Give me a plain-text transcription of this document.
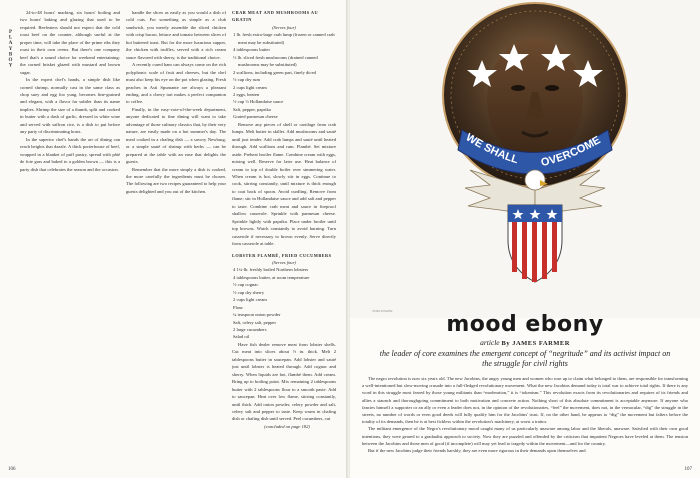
PLAYBOY

24-to-48 hours' marking, six hours' boiling and two hours' baking and glazing that used to be required. Beefeaters should not expect that the cold roast beef on the counter, although useful at the proper time, will take the place of the prime ribs they roast in their own ovens. But there's one company beef that's a sound choice for weekend entertaining: the corned brisket glazed with mustard and brown sugar.

In the expert chef's hands, a simple dish like corned shrimp, normally cast in the same class as chop suey and egg foo yung, becomes fine-grained and elegant, with a flavor far subtler than its name implies. Shrimp the size of a thumb, split and cooked in butter with a dash of garlic, dressed in white wine and served with saffron rice, is a dish to put before any party of discriminating hosts.

In the superior chef's hands the art of dining can reach heights that dazzle. A thick porterhouse of beef, wrapped in a blanket of puff pastry, spread with pâté de foie gras and baked to a golden brown — this is a party dish that celebrates the season and the occasion.

handle the slices as easily as you would a dish of cold cuts. For something as simple as a club sandwich, you merely assemble the sliced chicken with crisp bacon, lettuce and tomato between slices of hot buttered toast. But for the more luxurious supper, the chicken with truffles, served with a rich cream sauce flavored with sherry, is the traditional choice.

A recently cured ham can always come on the rich polyphonic scale of fruit and cheeses, but the chef must also keep his eye on the pot when glazing. Fresh peaches in Asti Spumante are always a pleasant ending, and a cherry tart makes a perfect companion to coffee.

Finally, in the easy-vote-of-the-week department, anyone dedicated to fine dining will want to take advantage of those culinary classics that, by their very nature, are easily made on a hot summer's day. The meal cooked in a chafing dish — a savory Newburg, or a simple sauté of shrimp with herbs — can be prepared at the table with an ease that delights the guests.

Remember that the more simply a dish is cooked, the more carefully the ingredients must be chosen. The following are two recipes guaranteed to help your guests delighted and you out of the kitchen.

CRAB MEAT AND MUSHROOMS AU GRATIN
(Serves four)

1 lb. fresh extra-large crab lump (frozen or canned crab meat may be substituted)

4 tablespoons butter

½ lb. sliced fresh mushrooms (drained canned mushrooms may be substituted)

2 scallions, including green part, finely diced

½ cup dry rum

2 cups light cream

2 eggs, beaten

½ cup ½ Hollandaise sauce

Salt, pepper, paprika

Grated parmesan cheese

Remove any pieces of shell or cartilage from crab lumps. Melt butter in skillet. Add mushrooms and sauté until just tender. Add crab lumps and sauté until heated through. Add scallions and rum. Flambé. Set mixture aside. Preheat broiler flame. Combine cream with eggs, mixing well. Reserve for later use. Heat balance of cream to top of double boiler over simmering water. When cream is hot, slowly stir in eggs. Continue to cook, stirring constantly, until mixture is thick enough to coat back of spoon. Avoid curdling. Remove from flame; stir in Hollandaise sauce and add salt and pepper to taste. Combine crab meat and sauce in fireproof shallow casserole. Sprinkle with parmesan cheese. Sprinkle lightly with paprika. Place under broiler until top browns. Watch constantly to avoid burning. Turn casserole if necessary to brown evenly. Serve directly from casserole at table.

LOBSTER FLAMBÉ, FRIED CUCUMBERS
(Serves four)

4 1¼-lb. freshly boiled Northern lobsters

4 tablespoons butter, at room temperature

½ cup cognac

½ cup dry sherry

2 cups light cream

Flour

¼ teaspoon onion powder

Salt, celery salt, pepper

2 large cucumbers

Salad oil

Have fish dealer remove meat from lobster shells. Cut meat into slices about ½ in. thick. Melt 2 tablespoons butter in saucepan. Add lobster and sauté just until lobster is heated through. Add cognac and sherry. When liquids are hot, flambé them. Add cream. Bring up to boiling point. Mix remaining 2 tablespoons butter with 2 tablespoons flour to a smooth paste. Add to saucepan. Heat over low flame, stirring constantly, until thick. Add onion powder, celery powder and salt, celery salt and pepper to taste. Keep warm in chafing dish or chafing dish until served. Peel cucumbers, cut

(concluded on page 182)

106
WE SHALL OVERCOME
TOM UNGER
mood ebony
article By JAMES FARMER
the leader of core examines the emergent concept of “negritude” and its activist impact on the struggle for civil rights

The negro revolution is now six years old. The new Jacobins, the angry young men and women who rose up to claim what belonged to them, are responsible for transforming a well-intentioned but slow-moving crusade into a full-fledged revolutionary movement. What the new Jacobins demand today is total war to achieve total rights. If there is any word in this struggle most feared by those young militants than “moderation,” it is “tokenism.” This revolution exacts from its revolutionaries and requires of its friends and allies a staunch and thoroughgoing commitment to both motivation and concrete action. Nothing short of this absolute commitment is acceptable anymore. If anyone who fancies himself a supporter or an ally or even a leader does not, in the opinion of the revolutionaries, “feel” the movement, does not, in the vernacular, “dig” the struggle in the streets, no number of words or even good deeds will fully qualify him for the Jacobins' trust. If, on the other hand, he appears to “dig” the movement but falters before the totality of its demands, then he is at best fickless within the revolution's machinery, at worst a traitor.

The militant emergence of the Negro's revolutionary mood caught many of us particularly unaware among labor and the liberals, unaware. Satisfied with their own good intentions, they were geared to a gradualist approach to society. Now they are puzzled and offended by the criticism that impatient Negroes have leveled at them. The tension between the Jacobins and those men of good (if incomplete) will may yet lead to tragedy within the movement—and for the country.

But if the new Jacobins judge their friends harshly, they are even more rigorous in their demands upon themselves and

107
